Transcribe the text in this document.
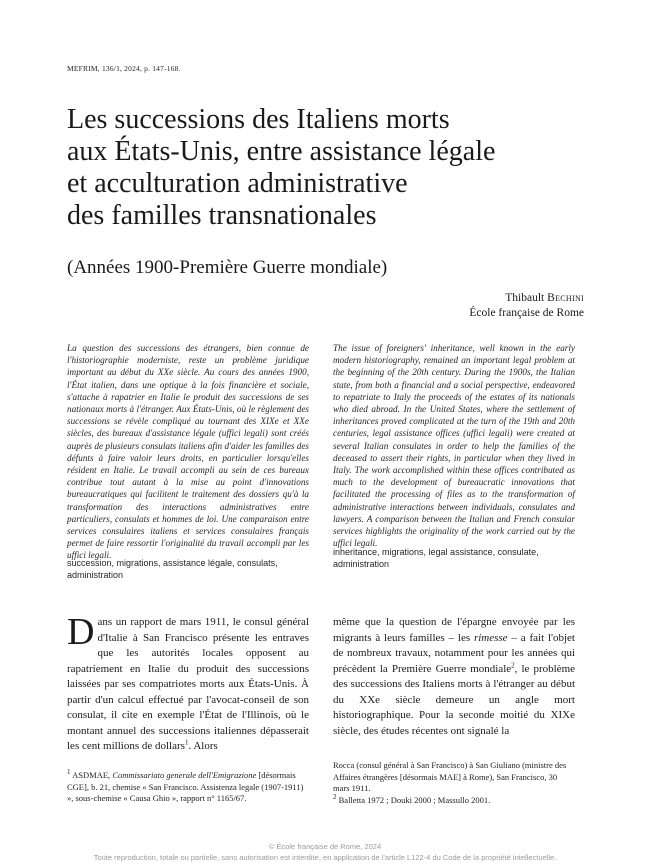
MEFRIM, 136/1, 2024, p. 147-168.
Les successions des Italiens morts
aux États-Unis, entre assistance légale
et acculturation administrative
des familles transnationales
(Années 1900-Première Guerre mondiale)
Thibault Bechini
École française de Rome
La question des successions des étrangers, bien connue de l'historiographie moderniste, reste un problème juridique important au début du XXe siècle. Au cours des années 1900, l'État italien, dans une optique à la fois financière et sociale, s'attache à rapatrier en Italie le produit des successions de ses nationaux morts à l'étranger. Aux États-Unis, où le règlement des successions se révèle compliqué au tournant des XIXe et XXe siècles, des bureaux d'assistance légale (uffici legali) sont créés auprès de plusieurs consulats italiens afin d'aider les familles des défunts à faire valoir leurs droits, en particulier lorsqu'elles résident en Italie. Le travail accompli au sein de ces bureaux contribue tout autant à la mise au point d'innovations bureaucratiques qui facilitent le traitement des dossiers qu'à la transformation des interactions administratives entre particuliers, consulats et hommes de loi. Une comparaison entre services consulaires italiens et services consulaires français permet de faire ressortir l'originalité du travail accompli par les uffici legali.
succession, migrations, assistance légale, consulats, administration
The issue of foreigners' inheritance, well known in the early modern historiography, remained an important legal problem at the beginning of the 20th century. During the 1900s, the Italian state, from both a financial and a social perspective, endeavored to repatriate to Italy the proceeds of the estates of its nationals who died abroad. In the United States, where the settlement of inheritances proved complicated at the turn of the 19th and 20th centuries, legal assistance offices (uffici legali) were created at several Italian consulates in order to help the families of the deceased to assert their rights, in particular when they lived in Italy. The work accomplished within these offices contributed as much to the development of bureaucratic innovations that facilitated the processing of files as to the transformation of administrative interactions between individuals, consulates and lawyers. A comparison between the Italian and French consular services highlights the originality of the work carried out by the uffici legali.
inheritance, migrations, legal assistance, consulate, administration
Dans un rapport de mars 1911, le consul général d'Italie à San Francisco présente les entraves que les autorités locales opposent au rapatriement en Italie du produit des successions laissées par ses compatriotes morts aux États-Unis. À partir d'un calcul effectué par l'avocat-conseil de son consulat, il cite en exemple l'État de l'Illinois, où le montant annuel des successions italiennes dépasserait les cent millions de dollars$^1$. Alors
même que la question de l'épargne envoyée par les migrants à leurs familles – les rimesse – a fait l'objet de nombreux travaux, notamment pour les années qui précèdent la Première Guerre mondiale$^2$, le problème des successions des Italiens morts à l'étranger au début du XXe siècle demeure un angle mort historiographique. Pour la seconde moitié du XIXe siècle, des études récentes ont signalé la
$^1$ ASDMAE, Commissariato generale dell'Emigrazione [désormais CGE], b. 21, chemise « San Francisco. Assistenza legale (1907-1911) », sous-chemise « Causa Ghio », rapport n° 1165/67.
Rocca (consul général à San Francisco) à San Giuliano (ministre des Affaires étrangères [désormais MAE] à Rome), San Francisco, 30 mars 1911.
$^2$ Balletta 1972 ; Douki 2000 ; Massullo 2001.
© École française de Rome, 2024
Toute reproduction, totale ou partielle, sans autorisation est interdite, en application de l'article L122-4 du Code de la propriété intellectuelle.
